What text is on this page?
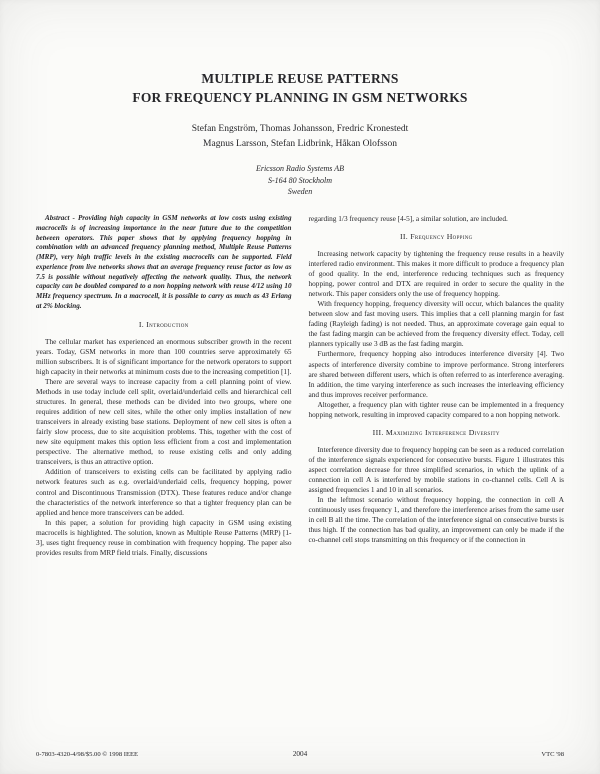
MULTIPLE REUSE PATTERNS
FOR FREQUENCY PLANNING IN GSM NETWORKS
Stefan Engström, Thomas Johansson, Fredric Kronestedt
Magnus Larsson, Stefan Lidbrink, Håkan Olofsson
Ericsson Radio Systems AB
S-164 80 Stockholm
Sweden

Abstract - Providing high capacity in GSM networks at low costs using existing macrocells is of increasing importance in the near future due to the competition between operators. This paper shows that by applying frequency hopping in combination with an advanced frequency planning method, Multiple Reuse Patterns (MRP), very high traffic levels in the existing macrocells can be supported. Field experience from live networks shows that an average frequency reuse factor as low as 7.5 is possible without negatively affecting the network quality. Thus, the network capacity can be doubled compared to a non hopping network with reuse 4/12 using 10 MHz frequency spectrum. In a macrocell, it is possible to carry as much as 43 Erlang at 2% blocking.

I. Introduction

The cellular market has experienced an enormous subscriber growth in the recent years. Today, GSM networks in more than 100 countries serve approximately 65 million subscribers. It is of significant importance for the network operators to support high capacity in their networks at minimum costs due to the increasing competition [1].

There are several ways to increase capacity from a cell planning point of view. Methods in use today include cell split, overlaid/underlaid cells and hierarchical cell structures. In general, these methods can be divided into two groups, where one requires addition of new cell sites, while the other only implies installation of new transceivers in already existing base stations. Deployment of new cell sites is often a fairly slow process, due to site acquisition problems. This, together with the cost of new site equipment makes this option less efficient from a cost and implementation perspective. The alternative method, to reuse existing cells and only adding transceivers, is thus an attractive option.

Addition of transceivers to existing cells can be facilitated by applying radio network features such as e.g. overlaid/underlaid cells, frequency hopping, power control and Discontinuous Transmission (DTX). These features reduce and/or change the characteristics of the network interference so that a tighter frequency plan can be applied and hence more transceivers can be added.

In this paper, a solution for providing high capacity in GSM using existing macrocells is highlighted. The solution, known as Multiple Reuse Patterns (MRP) [1-3], uses tight frequency reuse in combination with frequency hopping. The paper also provides results from MRP field trials. Finally, discussions

regarding 1/3 frequency reuse [4-5], a similar solution, are included.

II. Frequency Hopping

Increasing network capacity by tightening the frequency reuse results in a heavily interfered radio environment. This makes it more difficult to produce a frequency plan of good quality. In the end, interference reducing techniques such as frequency hopping, power control and DTX are required in order to secure the quality in the network. This paper considers only the use of frequency hopping.

With frequency hopping, frequency diversity will occur, which balances the quality between slow and fast moving users. This implies that a cell planning margin for fast fading (Rayleigh fading) is not needed. Thus, an approximate coverage gain equal to the fast fading margin can be achieved from the frequency diversity effect. Today, cell planners typically use 3 dB as the fast fading margin.

Furthermore, frequency hopping also introduces interference diversity [4]. Two aspects of interference diversity combine to improve performance. Strong interferers are shared between different users, which is often referred to as interference averaging. In addition, the time varying interference as such increases the interleaving efficiency and thus improves receiver performance.

Altogether, a frequency plan with tighter reuse can be implemented in a frequency hopping network, resulting in improved capacity compared to a non hopping network.

III. Maximizing Interference Diversity

Interference diversity due to frequency hopping can be seen as a reduced correlation of the interference signals experienced for consecutive bursts. Figure 1 illustrates this aspect correlation decrease for three simplified scenarios, in which the uplink of a connection in cell A is interfered by mobile stations in co-channel cells. Cell A is assigned frequencies 1 and 10 in all scenarios.

In the leftmost scenario without frequency hopping, the connection in cell A continuously uses frequency 1, and therefore the interference arises from the same user in cell B all the time. The correlation of the interference signal on consecutive bursts is thus high. If the connection has bad quality, an improvement can only be made if the co-channel cell stops transmitting on this frequency or if the connection in

0-7803-4320-4/98/$5.00 © 1998 IEEE	2004	VTC '98
